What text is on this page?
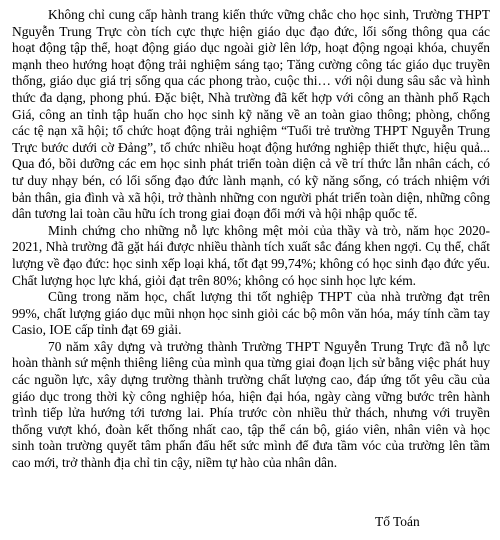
Không chỉ cung cấp hành trang kiến thức vững chắc cho học sinh, Trường THPT Nguyễn Trung Trực còn tích cực thực hiện giáo dục đạo đức, lối sống thông qua các hoạt động tập thể, hoạt động giáo dục ngoài giờ lên lớp, hoạt động ngoại khóa, chuyển mạnh theo hướng hoạt động trải nghiệm sáng tạo; Tăng cường công tác giáo dục truyền thống, giáo dục giá trị sống qua các phong trào, cuộc thi… với nội dung sâu sắc và hình thức đa dạng, phong phú. Đặc biệt, Nhà trường đã kết hợp với công an thành phố Rạch Giá, công an tỉnh tập huấn cho học sinh kỹ năng về an toàn giao thông; phòng, chống các tệ nạn xã hội; tổ chức hoạt động trải nghiệm “Tuổi trẻ trường THPT Nguyễn Trung Trực bước dưới cờ Đảng”, tổ chức nhiều hoạt động hướng nghiệp thiết thực, hiệu quả... Qua đó, bồi dưỡng các em học sinh phát triển toàn diện cả về trí thức lẫn nhân cách, có tư duy nhạy bén, có lối sống đạo đức lành mạnh, có kỹ năng sống, có trách nhiệm với bản thân, gia đình và xã hội, trở thành những con người phát triển toàn diện, những công dân tương lai toàn cầu hữu ích trong giai đoạn đổi mới và hội nhập quốc tế.

Minh chứng cho những nỗ lực không mệt mỏi của thầy và trò, năm học 2020-2021, Nhà trường đã gặt hái được nhiều thành tích xuất sắc đáng khen ngợi. Cụ thể, chất lượng về đạo đức: học sinh xếp loại khá, tốt đạt 99,74%; không có học sinh đạo đức yếu. Chất lượng học lực khá, giỏi đạt trên 80%; không có học sinh học lực kém.

Cũng trong năm học, chất lượng thi tốt nghiệp THPT của nhà trường đạt trên 99%, chất lượng giáo dục mũi nhọn học sinh giỏi các bộ môn văn hóa, máy tính cầm tay Casio, IOE cấp tỉnh đạt 69 giải.

70 năm xây dựng và trưởng thành Trường THPT Nguyễn Trung Trực đã nỗ lực hoàn thành sứ mệnh thiêng liêng của mình qua từng giai đoạn lịch sử bằng việc phát huy các nguồn lực, xây dựng trường thành trường chất lượng cao, đáp ứng tốt yêu cầu của giáo dục trong thời kỳ công nghiệp hóa, hiện đại hóa, ngày càng vững bước trên hành trình tiếp lửa hướng tới tương lai. Phía trước còn nhiều thử thách, nhưng với truyền thống vượt khó, đoàn kết thống nhất cao, tập thể cán bộ, giáo viên, nhân viên và học sinh toàn trường quyết tâm phấn đấu hết sức mình để đưa tầm vóc của trường lên tầm cao mới, trở thành địa chỉ tin cậy, niềm tự hào của nhân dân.

Tố Toán
